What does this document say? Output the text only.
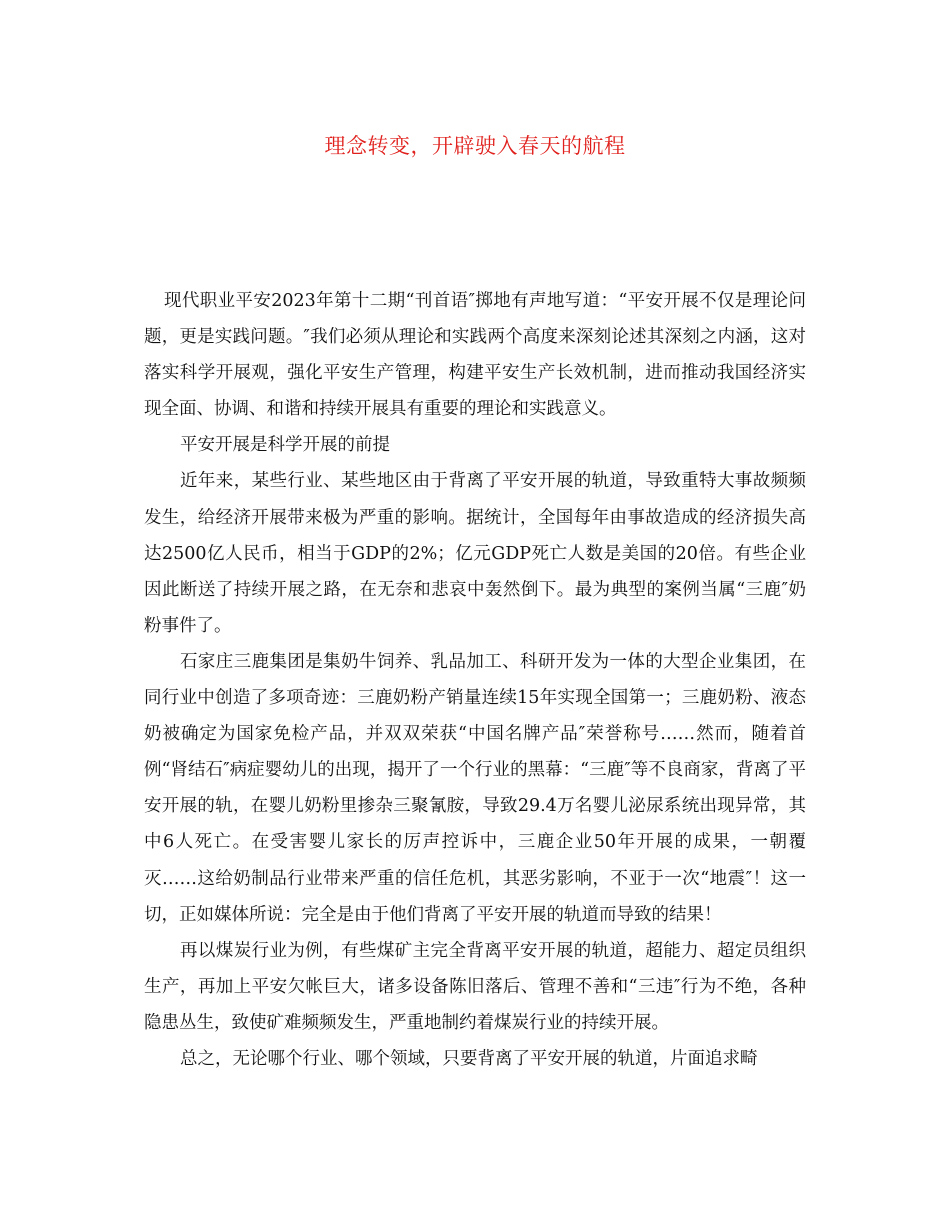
理念转变，开辟驶入春天的航程

现代职业平安2023年第十二期“刊首语″掷地有声地写道：“平安开展不仅是理论问题，更是实践问题。″我们必须从理论和实践两个高度来深刻论述其深刻之内涵，这对落实科学开展观，强化平安生产管理，构建平安生产长效机制，进而推动我国经济实现全面、协调、和谐和持续开展具有重要的理论和实践意义。

平安开展是科学开展的前提

近年来，某些行业、某些地区由于背离了平安开展的轨道，导致重特大事故频频发生，给经济开展带来极为严重的影响。据统计，全国每年由事故造成的经济损失高达2500亿人民币，相当于GDP的2%；亿元GDP死亡人数是美国的20倍。有些企业因此断送了持续开展之路，在无奈和悲哀中轰然倒下。最为典型的案例当属“三鹿″奶粉事件了。

石家庄三鹿集团是集奶牛饲养、乳品加工、科研开发为一体的大型企业集团，在同行业中创造了多项奇迹：三鹿奶粉产销量连续15年实现全国第一；三鹿奶粉、液态奶被确定为国家免检产品，并双双荣获“中国名牌产品″荣誉称号……然而，随着首例“肾结石″病症婴幼儿的出现，揭开了一个行业的黑幕：“三鹿″等不良商家，背离了平安开展的轨，在婴儿奶粉里掺杂三聚氰胺，导致29.4万名婴儿泌尿系统出现异常，其中6人死亡。在受害婴儿家长的厉声控诉中，三鹿企业50年开展的成果，一朝覆灭……这给奶制品行业带来严重的信任危机，其恶劣影响，不亚于一次“地震″！这一切，正如媒体所说：完全是由于他们背离了平安开展的轨道而导致的结果！

再以煤炭行业为例，有些煤矿主完全背离平安开展的轨道，超能力、超定员组织生产，再加上平安欠帐巨大，诸多设备陈旧落后、管理不善和“三违″行为不绝，各种隐患丛生，致使矿难频频发生，严重地制约着煤炭行业的持续开展。

总之，无论哪个行业、哪个领域，只要背离了平安开展的轨道，片面追求畸
